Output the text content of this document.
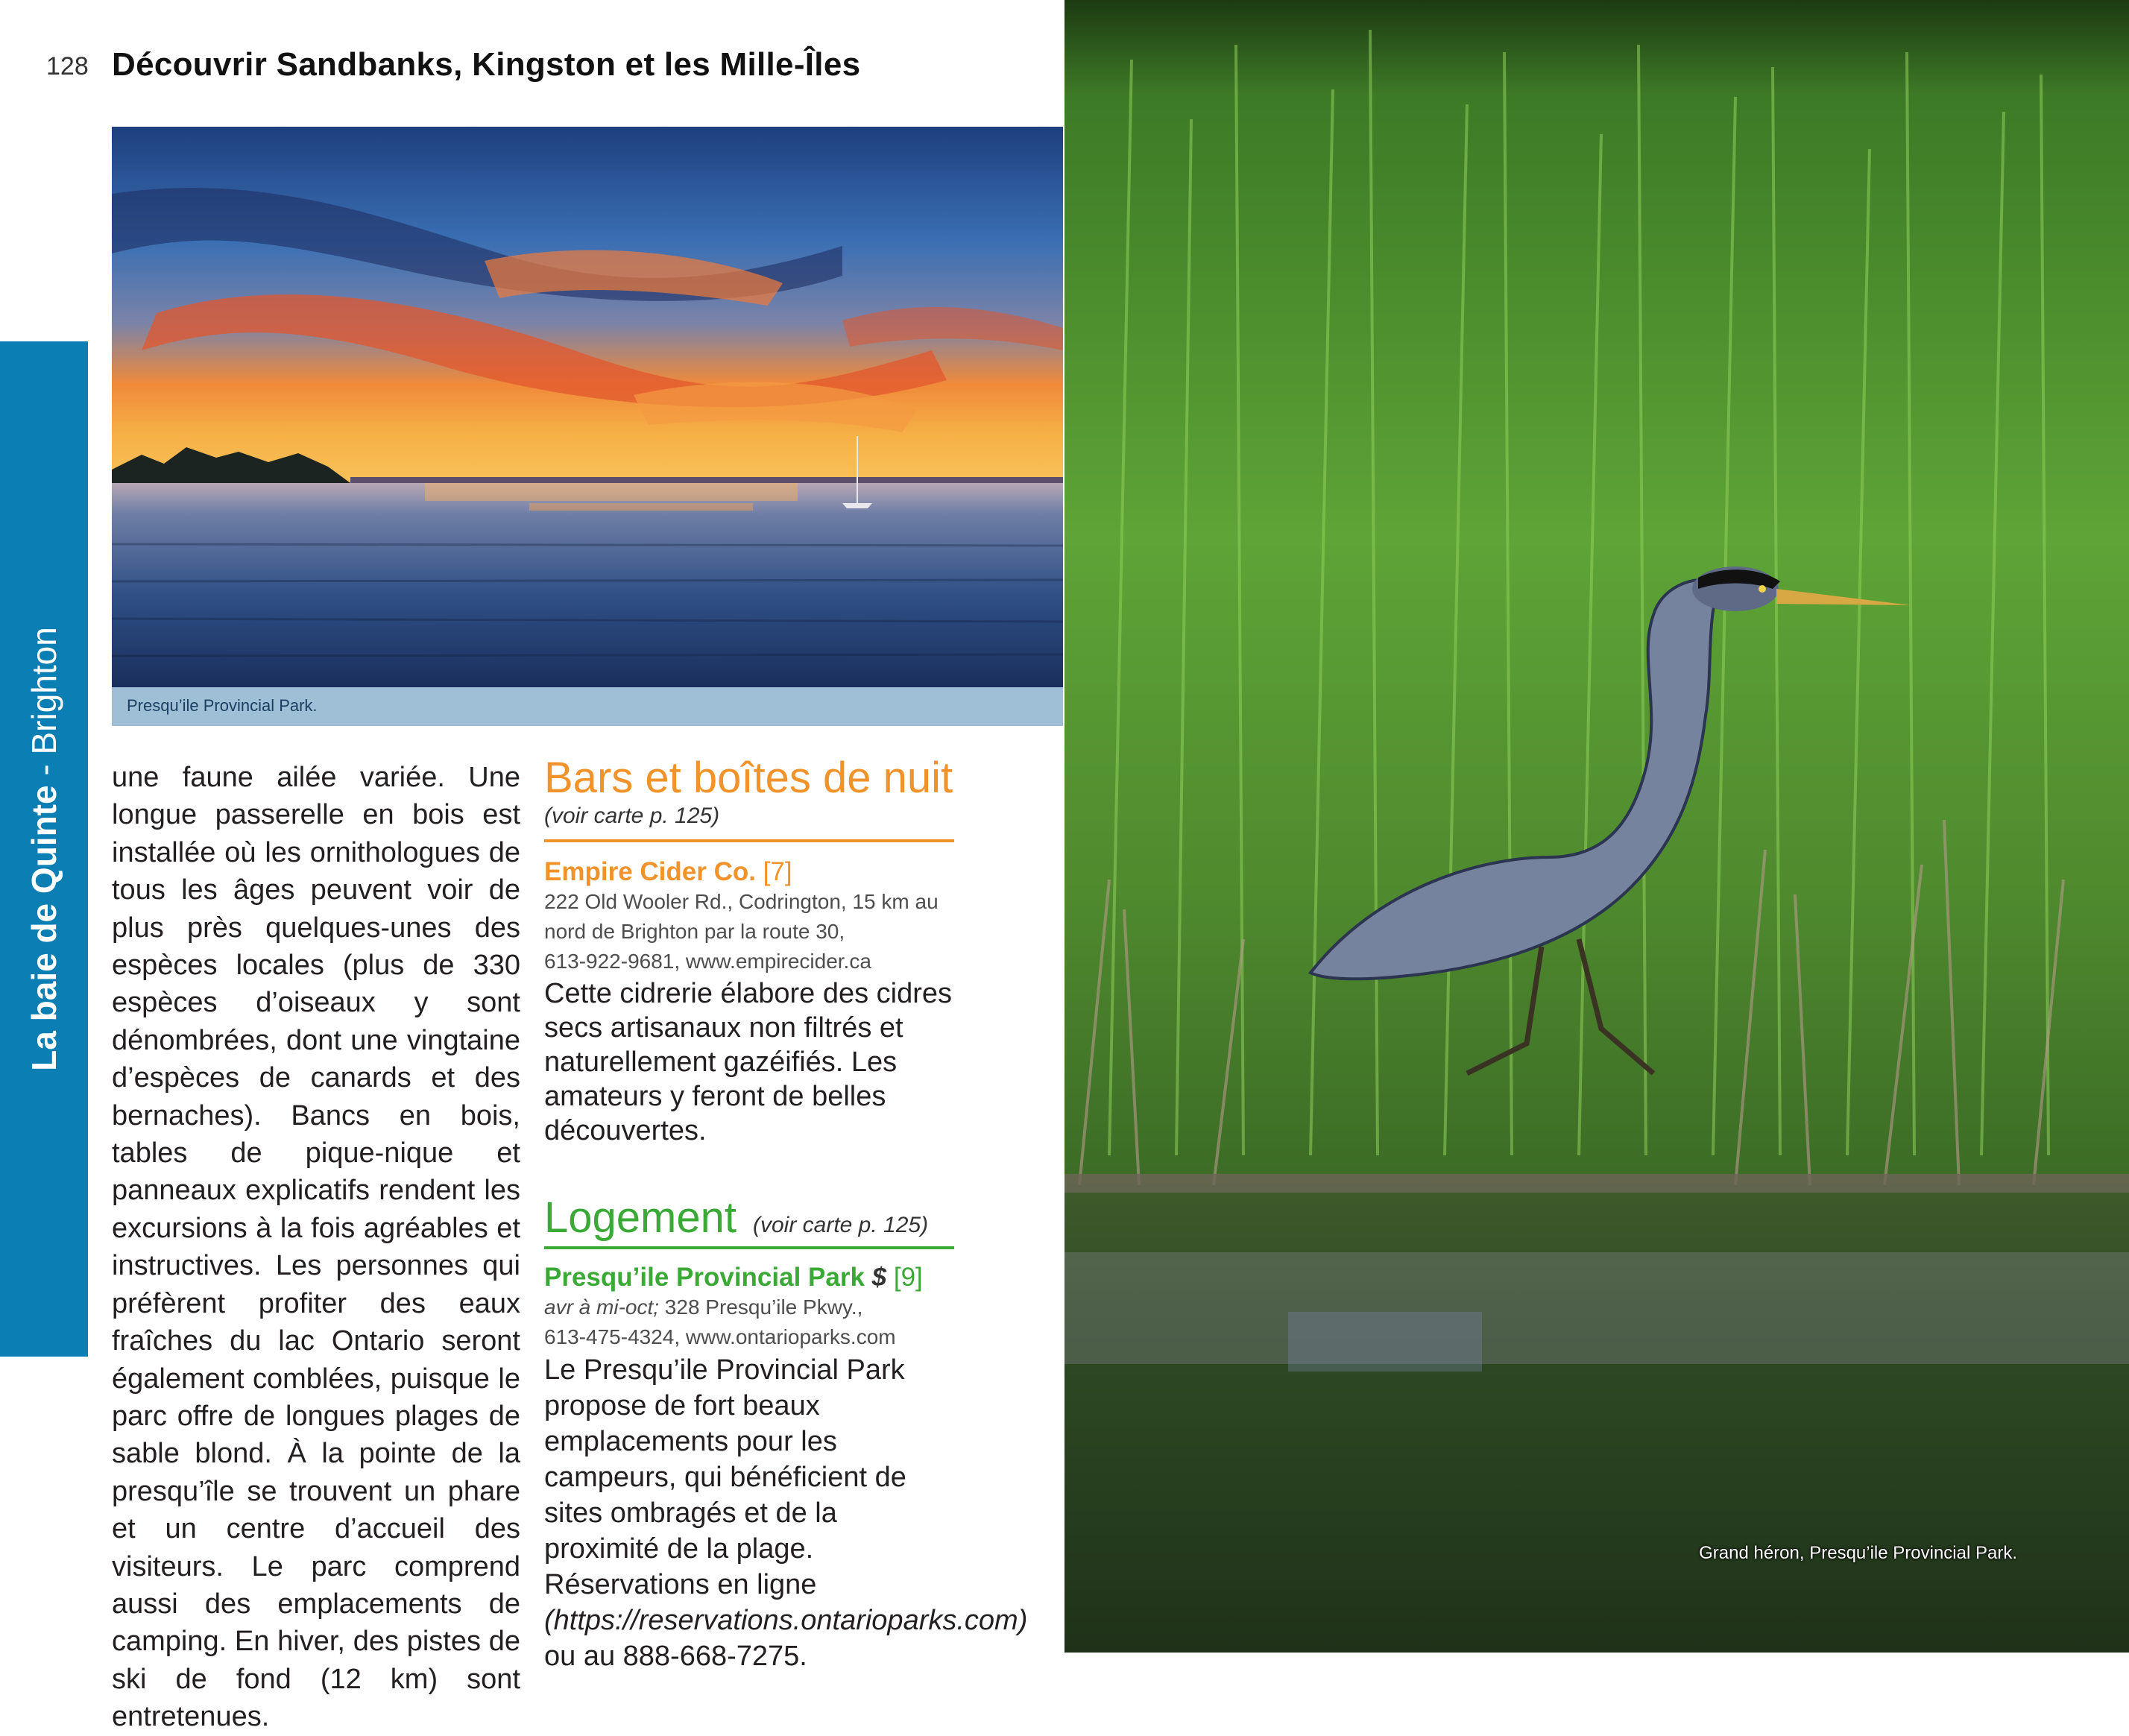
128 Découvrir Sandbanks, Kingston et les Mille-Îles
La baie de Quinte - Brighton	Presqu’ile Provincial Park.
une faune ailée variée. Une longue passerelle en bois est installée où les ornithologues de tous les âges peuvent voir de plus près quelques-unes des espèces locales (plus de 330 espèces d’oiseaux y sont dénombrées, dont une vingtaine d’espèces de canards et des bernaches). Bancs en bois, tables de pique-nique et panneaux explicatifs rendent les excursions à la fois agréables et instructives. Les personnes qui préfèrent profiter des eaux fraîches du lac Ontario seront également comblées, puisque le parc offre de longues plages de sable blond. À la pointe de la presqu’île se trouvent un phare et un centre d’accueil des visiteurs. Le parc comprend aussi des emplacements de camping. En hiver, des pistes de ski de fond (12 km) sont entretenues.
Bars et boîtes de nuit
(voir carte p. 125)
Empire Cider Co. [7]
222 Old Wooler Rd., Codrington, 15 km au nord de Brighton par la route 30,
613-922-9681, www.empirecider.ca
Cette cidrerie élabore des cidres secs artisanaux non filtrés et naturellement gazéifiés. Les amateurs y feront de belles découvertes.
Logement (voir carte p. 125)
Presqu’ile Provincial Park $ [9]
avr à mi-oct; 328 Presqu’ile Pkwy.,
613-475-4324, www.ontarioparks.com
Le Presqu’ile Provincial Park propose de fort beaux emplacements pour les campeurs, qui bénéficient de sites ombragés et de la proximité de la plage. Réservations en ligne (https://reservations.ontarioparks.com) ou au 888-668-7275.
Grand héron, Presqu’ile Provincial Park.
